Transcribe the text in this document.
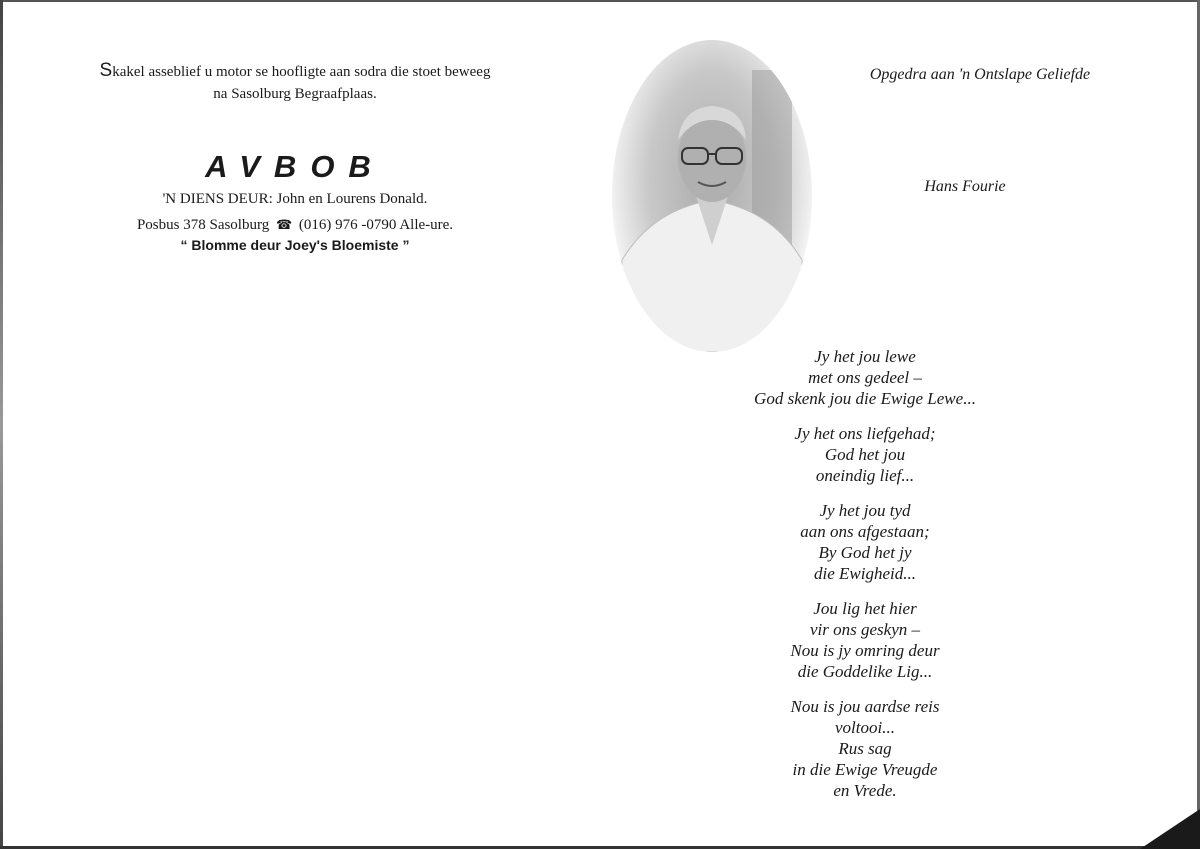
Skakel asseblief u motor se hoofligte aan sodra die stoet beweeg
na Sasolburg Begraafplaas.
AVBOB
'N DIENS DEUR: John en Lourens Donald.
Posbus 378 Sasolburg ☎ (016) 976 -0790 Alle-ure.
“ Blomme deur Joey's Bloemiste ”
Opgedra aan 'n Ontslape Geliefde
Hans Fourie
Jy het jou lewe
met ons gedeel –
God skenk jou die Ewige Lewe...
Jy het ons liefgehad;
God het jou
oneindig lief...
Jy het jou tyd
aan ons afgestaan;
By God het jy
die Ewigheid...
Jou lig het hier
vir ons geskyn –
Nou is jy omring deur
die Goddelike Lig...
Nou is jou aardse reis
voltooi...
Rus sag
in die Ewige Vreugde
en Vrede.
